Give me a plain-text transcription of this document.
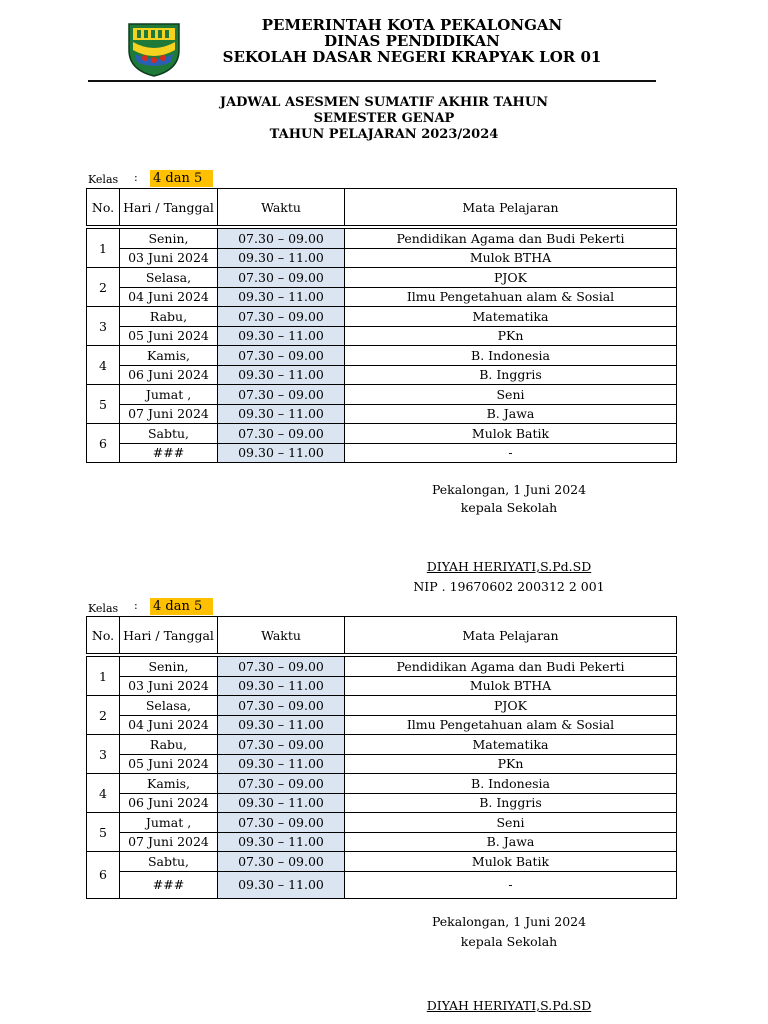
PEMERINTAH KOTA PEKALONGAN
DINAS PENDIDIKAN
SEKOLAH DASAR NEGERI KRAPYAK LOR 01
JADWAL ASESMEN SUMATIF AKHIR TAHUN
SEMESTER GENAP
TAHUN PELAJARAN 2023/2024
Kelas : 4 dan 5
No.	Hari / Tanggal	Waktu	Mata Pelajaran

1	Senin,	07.30 – 09.00	Pendidikan Agama dan Budi Pekerti
	03 Juni 2024	09.30 – 11.00	Mulok BTHA
2	Selasa,	07.30 – 09.00	PJOK
	04 Juni 2024	09.30 – 11.00	Ilmu Pengetahuan alam & Sosial
3	Rabu,	07.30 – 09.00	Matematika
	05 Juni 2024	09.30 – 11.00	PKn
4	Kamis,	07.30 – 09.00	B. Indonesia
	06 Juni 2024	09.30 – 11.00	B. Inggris
5	Jumat ,	07.30 – 09.00	Seni
	07 Juni 2024	09.30 – 11.00	B. Jawa
6	Sabtu,	07.30 – 09.00	Mulok Batik
	###	09.30 – 11.00	-
Pekalongan, 1 Juni 2024
kepala Sekolah
DIYAH HERIYATI,S.Pd.SD
NIP . 19670602 200312 2 001
Kelas : 4 dan 5
No.	Hari / Tanggal	Waktu	Mata Pelajaran

1	Senin,	07.30 – 09.00	Pendidikan Agama dan Budi Pekerti
	03 Juni 2024	09.30 – 11.00	Mulok BTHA
2	Selasa,	07.30 – 09.00	PJOK
	04 Juni 2024	09.30 – 11.00	Ilmu Pengetahuan alam & Sosial
3	Rabu,	07.30 – 09.00	Matematika
	05 Juni 2024	09.30 – 11.00	PKn
4	Kamis,	07.30 – 09.00	B. Indonesia
	06 Juni 2024	09.30 – 11.00	B. Inggris
5	Jumat ,	07.30 – 09.00	Seni
	07 Juni 2024	09.30 – 11.00	B. Jawa
6	Sabtu,	07.30 – 09.00	Mulok Batik
	###	09.30 – 11.00	-
Pekalongan, 1 Juni 2024
kepala Sekolah
DIYAH HERIYATI,S.Pd.SD
